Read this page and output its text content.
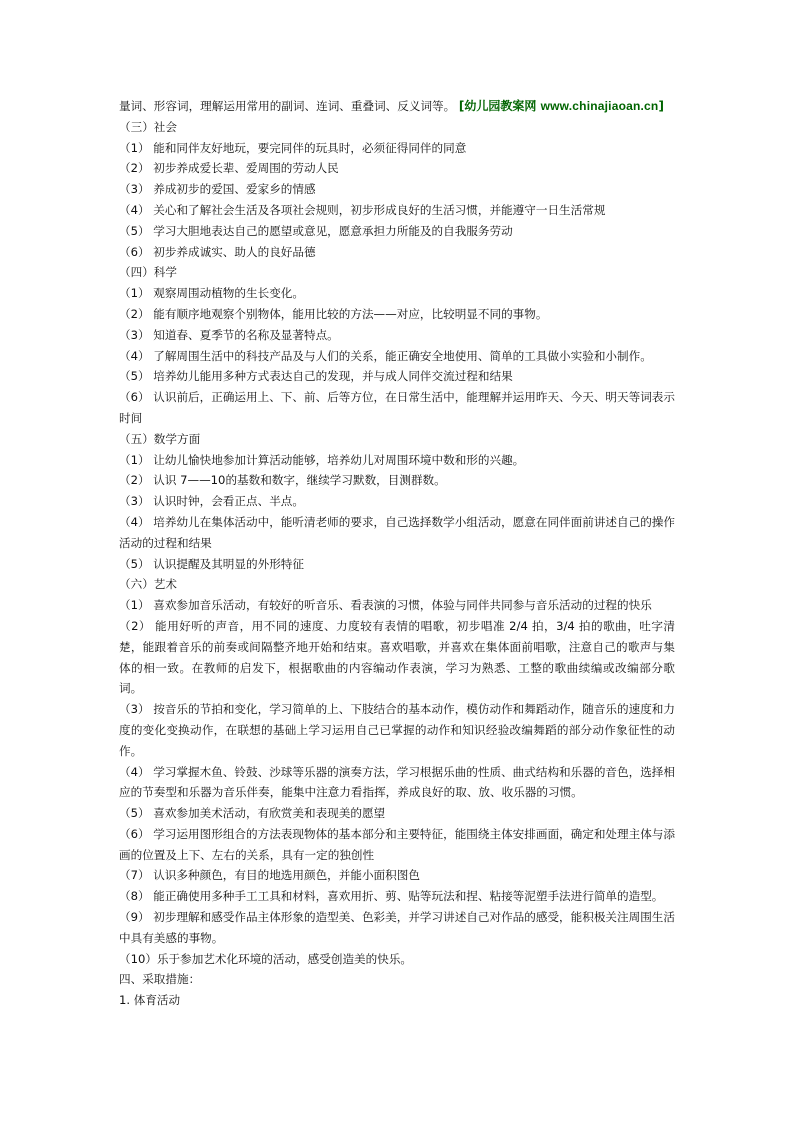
量词、形容词，理解运用常用的副词、连词、重叠词、反义词等。 [幼儿园教案网 www.chinajiaoan.cn]
（三）社会
（1） 能和同伴友好地玩，要完同伴的玩具时，必须征得同伴的同意
（2） 初步养成爱长辈、爱周围的劳动人民
（3） 养成初步的爱国、爱家乡的情感
（4） 关心和了解社会生活及各项社会规则，初步形成良好的生活习惯，并能遵守一日生活常规
（5） 学习大胆地表达自己的愿望或意见，愿意承担力所能及的自我服务劳动
（6） 初步养成诚实、助人的良好品德
（四）科学
（1） 观察周围动植物的生长变化。
（2） 能有顺序地观察个别物体，能用比较的方法——对应，比较明显不同的事物。
（3） 知道春、夏季节的名称及显著特点。
（4） 了解周围生活中的科技产品及与人们的关系，能正确安全地使用、简单的工具做小实验和小制作。
（5） 培养幼儿能用多种方式表达自己的发现，并与成人同伴交流过程和结果
（6） 认识前后，正确运用上、下、前、后等方位，在日常生活中，能理解并运用昨天、今天、明天等词表示时间
（五）数学方面
（1） 让幼儿愉快地参加计算活动能够，培养幼儿对周围环境中数和形的兴趣。
（2） 认识 7——10的基数和数字，继续学习默数，目测群数。
（3） 认识时钟，会看正点、半点。
（4） 培养幼儿在集体活动中，能听清老师的要求，自己选择数学小组活动，愿意在同伴面前讲述自己的操作活动的过程和结果
（5） 认识提醒及其明显的外形特征
（六）艺术
（1） 喜欢参加音乐活动，有较好的听音乐、看表演的习惯，体验与同伴共同参与音乐活动的过程的快乐
（2） 能用好听的声音，用不同的速度、力度较有表情的唱歌，初步唱准 2/4 拍，3/4 拍的歌曲，吐字清楚，能跟着音乐的前奏或间隔整齐地开始和结束。喜欢唱歌，并喜欢在集体面前唱歌，注意自己的歌声与集体的相一致。在教师的启发下，根据歌曲的内容编动作表演，学习为熟悉、工整的歌曲续编或改编部分歌词。
（3） 按音乐的节拍和变化，学习简单的上、下肢结合的基本动作，模仿动作和舞蹈动作，随音乐的速度和力度的变化变换动作，在联想的基础上学习运用自己已掌握的动作和知识经验改编舞蹈的部分动作象征性的动作。
（4） 学习掌握木鱼、铃鼓、沙球等乐器的演奏方法，学习根据乐曲的性质、曲式结构和乐器的音色，选择相应的节奏型和乐器为音乐伴奏，能集中注意力看指挥，养成良好的取、放、收乐器的习惯。
（5） 喜欢参加美术活动，有欣赏美和表现美的愿望
（6） 学习运用图形组合的方法表现物体的基本部分和主要特征，能围绕主体安排画面，确定和处理主体与添画的位置及上下、左右的关系，具有一定的独创性
（7） 认识多种颜色，有目的地选用颜色，并能小面积图色
（8） 能正确使用多种手工工具和材料，喜欢用折、剪、贴等玩法和捏、粘接等泥塑手法进行简单的造型。
（9） 初步理解和感受作品主体形象的造型美、色彩美，并学习讲述自己对作品的感受，能积极关注周围生活中具有美感的事物。
（10）乐于参加艺术化环境的活动，感受创造美的快乐。
四、采取措施：
1. 体育活动
